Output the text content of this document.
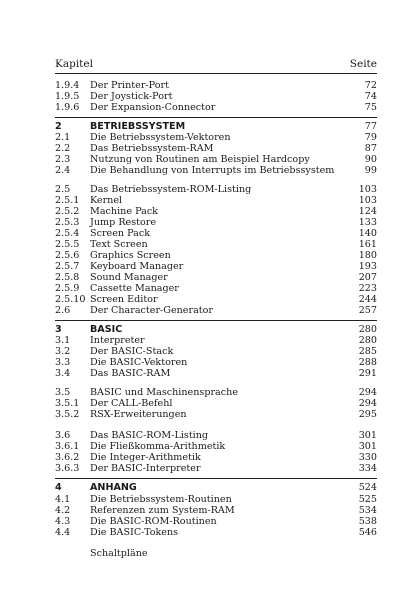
Kapitel	Seite
1.9.4 Der Printer-Port	72
1.9.5 Der Joystick-Port	74
1.9.6 Der Expansion-Connector	75
2	BETRIEBSSYSTEM	77
2.1 Die Betriebssystem-Vektoren	79
2.2 Das Betriebssystem-RAM	87
2.3 Nutzung von Routinen am Beispiel Hardcopy	90
2.4 Die Behandlung von Interrupts im Betriebssystem	99
2.5 Das Betriebssystem-ROM-Listing	103
2.5.1 Kernel	103
2.5.2 Machine Pack	124
2.5.3 Jump Restore	133
2.5.4 Screen Pack	140
2.5.5 Text Screen	161
2.5.6 Graphics Screen	180
2.5.7 Keyboard Manager	193
2.5.8 Sound Manager	207
2.5.9 Cassette Manager	223
2.5.10 Screen Editor	244
2.6 Der Character-Generator	257
3	BASIC	280
3.1 Interpreter	280
3.2 Der BASIC-Stack	285
3.3 Die BASIC-Vektoren	288
3.4 Das BASIC-RAM	291
3.5 BASIC und Maschinensprache	294
3.5.1 Der CALL-Befehl	294
3.5.2 RSX-Erweiterungen	295
3.6 Das BASIC-ROM-Listing	301
3.6.1 Die Fließkomma-Arithmetik	301
3.6.2 Die Integer-Arithmetik	330
3.6.3 Der BASIC-Interpreter	334
4	ANHANG	524
4.1 Die Betriebssystem-Routinen	525
4.2 Referenzen zum System-RAM	534
4.3 Die BASIC-ROM-Routinen	538
4.4 Die BASIC-Tokens	546
Schaltpläne
